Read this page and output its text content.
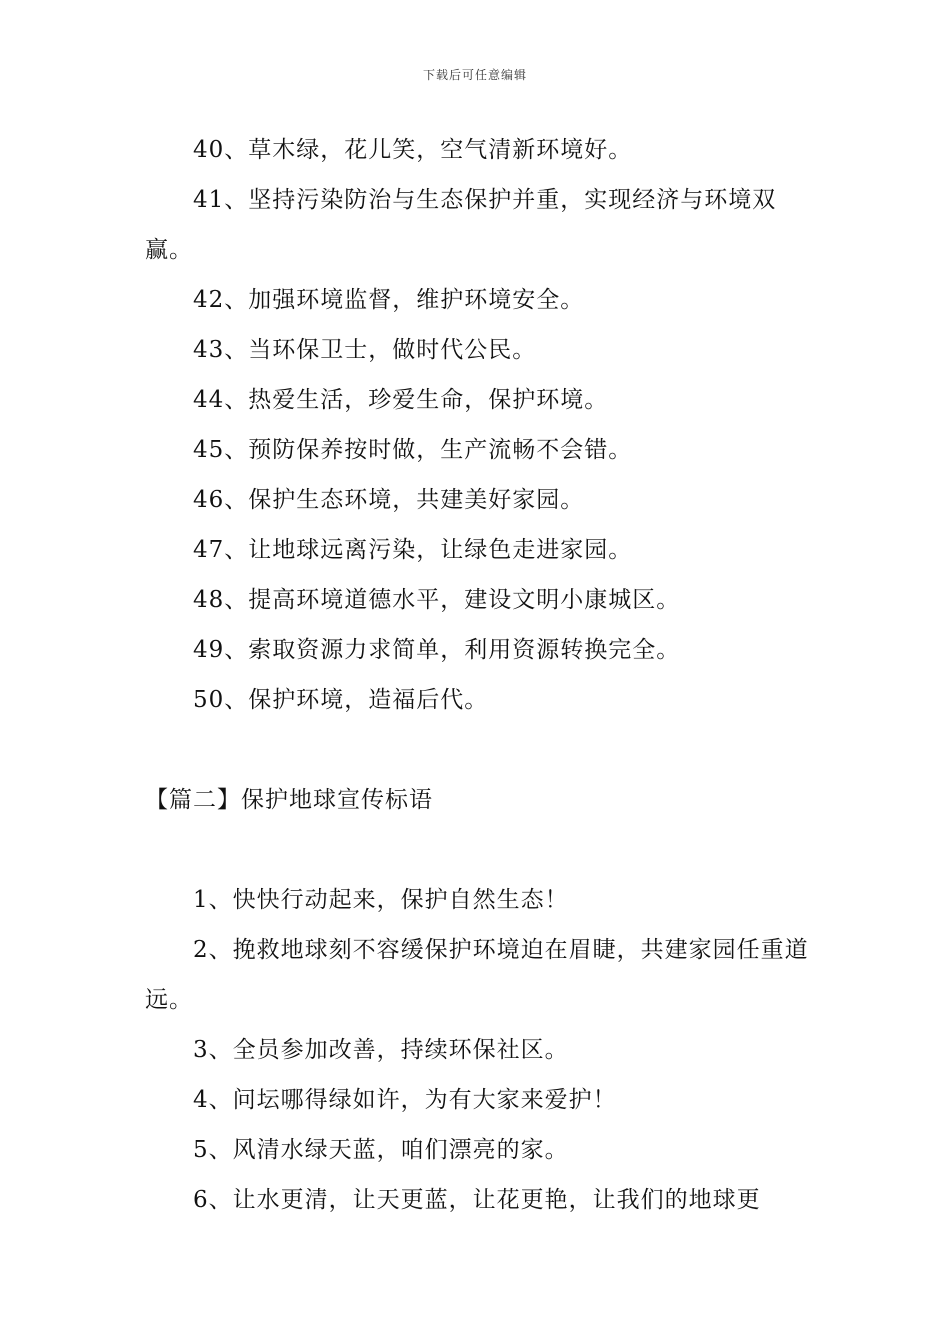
下载后可任意编辑

40、草木绿，花儿笑，空气清新环境好。

41、坚持污染防治与生态保护并重，实现经济与环境双赢。

42、加强环境监督，维护环境安全。

43、当环保卫士，做时代公民。

44、热爱生活，珍爱生命，保护环境。

45、预防保养按时做，生产流畅不会错。

46、保护生态环境，共建美好家园。

47、让地球远离污染，让绿色走进家园。

48、提高环境道德水平，建设文明小康城区。

49、索取资源力求简单，利用资源转换完全。

50、保护环境，造福后代。

【篇二】保护地球宣传标语

1、快快行动起来，保护自然生态！

2、挽救地球刻不容缓保护环境迫在眉睫，共建家园任重道远。

3、全员参加改善，持续环保社区。

4、问坛哪得绿如许，为有大家来爱护！

5、风清水绿天蓝，咱们漂亮的家。

6、让水更清，让天更蓝，让花更艳，让我们的地球更
